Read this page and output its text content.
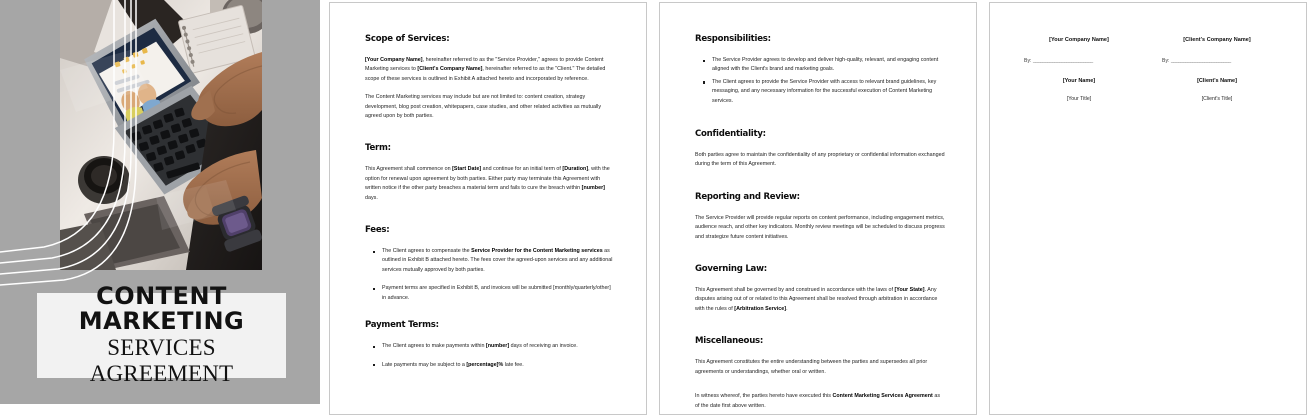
CONTENT
MARKETING
SERVICES AGREEMENT
Scope of Services:

[Your Company Name], hereinafter referred to as the "Service Provider," agrees to provide Content Marketing services to [Client's Company Name], hereinafter referred to as the "Client." The detailed scope of these services is outlined in Exhibit A attached hereto and incorporated by reference.

The Content Marketing services may include but are not limited to: content creation, strategy development, blog post creation, whitepapers, case studies, and other related activities as mutually agreed upon by both parties.

Term:

This Agreement shall commence on [Start Date] and continue for an initial term of [Duration], with the option for renewal upon agreement by both parties. Either party may terminate this Agreement with written notice if the other party breaches a material term and fails to cure the breach within [number] days.

Fees:
The Client agrees to compensate the Service Provider for the Content Marketing services as outlined in Exhibit B attached hereto. The fees cover the agreed-upon services and any additional services mutually approved by both parties.
Payment terms are specified in Exhibit B, and invoices will be submitted [monthly/quarterly/other] in advance.
Payment Terms:
The Client agrees to make payments within [number] days of receiving an invoice.
Late payments may be subject to a [percentage]% late fee.
Responsibilities:
The Service Provider agrees to develop and deliver high-quality, relevant, and engaging content aligned with the Client's brand and marketing goals.
The Client agrees to provide the Service Provider with access to relevant brand guidelines, key messaging, and any necessary information for the successful execution of Content Marketing services.
Confidentiality:

Both parties agree to maintain the confidentiality of any proprietary or confidential information exchanged during the term of this Agreement.

Reporting and Review:

The Service Provider will provide regular reports on content performance, including engagement metrics, audience reach, and other key indicators. Monthly review meetings will be scheduled to discuss progress and strategize future content initiatives.

Governing Law:

This Agreement shall be governed by and construed in accordance with the laws of [Your State]. Any disputes arising out of or related to this Agreement shall be resolved through arbitration in accordance with the rules of [Arbitration Service].

Miscellaneous:

This Agreement constitutes the entire understanding between the parties and supersedes all prior agreements or understandings, whether oral or written.

In witness whereof, the parties hereto have executed this Content Marketing Services Agreement as of the date first above written.

[Your Company Name]
By: _________________________
[Your Name]
[Your Title]
[Client's Company Name]
By: _________________________
[Client's Name]
[Client's Title]
